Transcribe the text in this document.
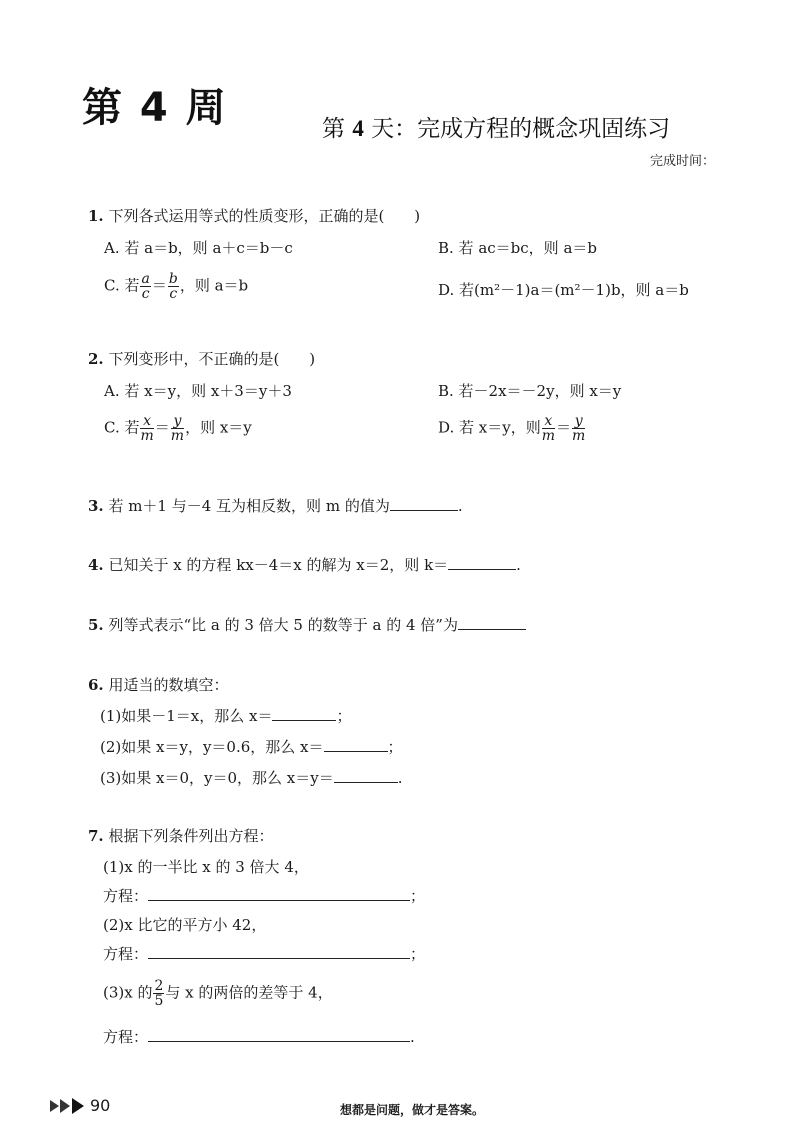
第 4 周	第 4 天：完成方程的概念巩固练习
完成时间：
1. 下列各式运用等式的性质变形，正确的是(　　)
A. 若 a＝b，则 a＋c＝b－c	B. 若 ac＝bc，则 a＝b
C. 若 $\frac{a}{c} = \frac{b}{c}$ ，则 a＝b	D. 若(m²－1)a＝(m²－1)b，则 a＝b
2. 下列变形中，不正确的是(　　)
A. 若 x＝y，则 x＋3＝y＋3	B. 若－2x＝－2y，则 x＝y
C. 若 $\frac{x}{m} = \frac{y}{m}$ ，则 x＝y	D. 若 x＝y，则 $\frac{x}{m} = \frac{y}{m}$
3. 若 m＋1 与－4 互为相反数，则 m 的值为	.
4. 已知关于 x 的方程 kx－4＝x 的解为 x＝2，则 k＝	.
5. 列等式表示“比 a 的 3 倍大 5 的数等于 a 的 4 倍”为
6. 用适当的数填空：
(1)如果－1＝x，那么 x＝	；
(2)如果 x＝y，y＝0.6，那么 x＝	；
(3)如果 x＝0，y＝0，那么 x＝y＝	.
7. 根据下列条件列出方程：
(1)x 的一半比 x 的 3 倍大 4，
方程：	；
(2)x 比它的平方小 42，
方程：	；
(3)x 的 $\frac{2}{5}$ 与 x 的两倍的差等于 4，
方程：	.
90	想都是问题，做才是答案。
